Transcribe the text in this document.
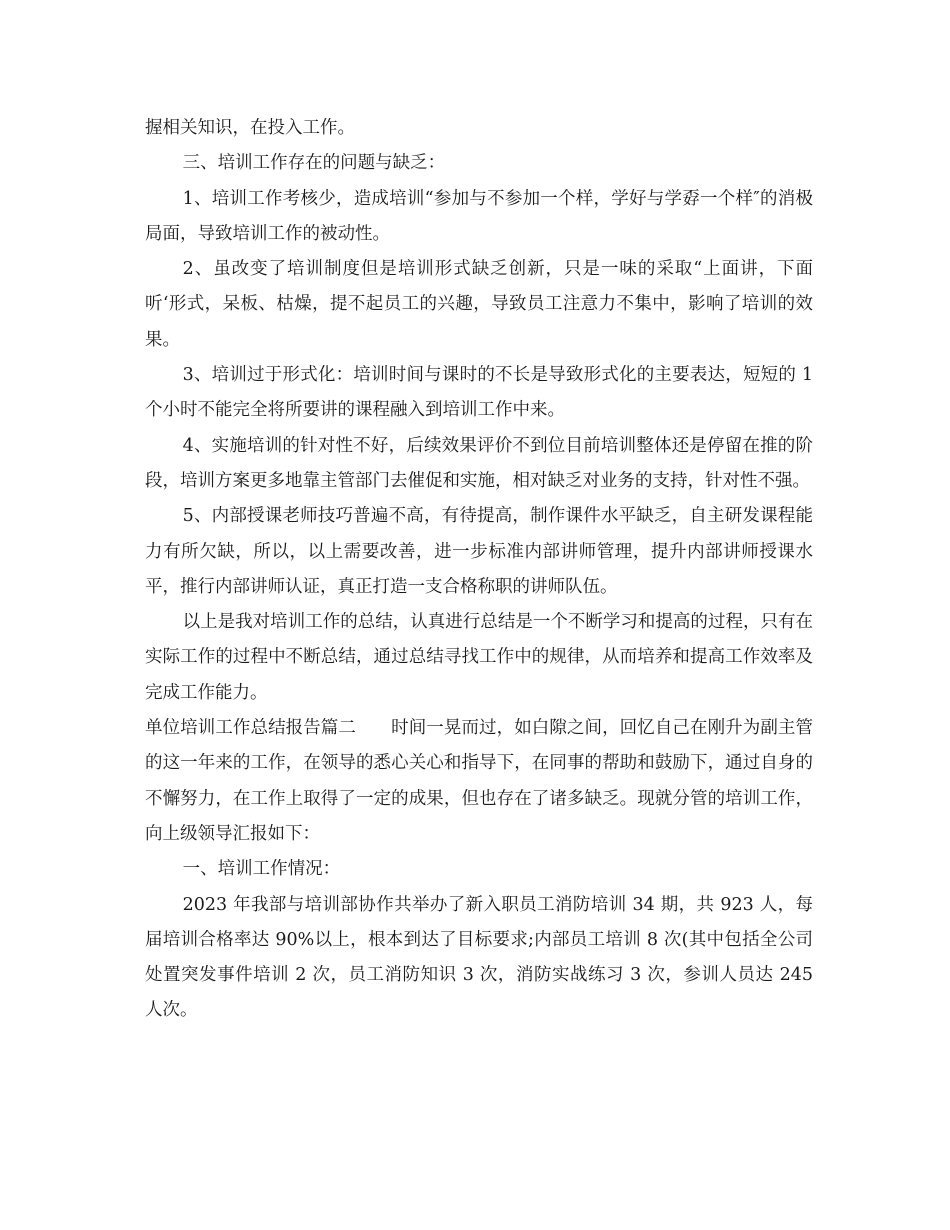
握相关知识，在投入工作。

三、培训工作存在的问题与缺乏：

1、培训工作考核少，造成培训“参加与不参加一个样，学好与学孬一个样″的消极局面，导致培训工作的被动性。

2、虽改变了培训制度但是培训形式缺乏创新，只是一味的采取“上面讲，下面听‘形式，呆板、枯燥，提不起员工的兴趣，导致员工注意力不集中，影响了培训的效果。

3、培训过于形式化：培训时间与课时的不长是导致形式化的主要表达，短短的 1 个小时不能完全将所要讲的课程融入到培训工作中来。

4、实施培训的针对性不好，后续效果评价不到位目前培训整体还是停留在推的阶段，培训方案更多地靠主管部门去催促和实施，相对缺乏对业务的支持，针对性不强。

5、内部授课老师技巧普遍不高，有待提高，制作课件水平缺乏，自主研发课程能力有所欠缺，所以，以上需要改善，进一步标准内部讲师管理，提升内部讲师授课水平，推行内部讲师认证，真正打造一支合格称职的讲师队伍。

以上是我对培训工作的总结，认真进行总结是一个不断学习和提高的过程，只有在实际工作的过程中不断总结，通过总结寻找工作中的规律，从而培养和提高工作效率及完成工作能力。

单位培训工作总结报告篇二　　时间一晃而过，如白隙之间，回忆自己在刚升为副主管的这一年来的工作，在领导的悉心关心和指导下，在同事的帮助和鼓励下，通过自身的不懈努力，在工作上取得了一定的成果，但也存在了诸多缺乏。现就分管的培训工作，向上级领导汇报如下：

一、培训工作情况：

2023 年我部与培训部协作共举办了新入职员工消防培训 34 期，共 923 人，每届培训合格率达 90%以上，根本到达了目标要求;内部员工培训 8 次(其中包括全公司处置突发事件培训 2 次，员工消防知识 3 次，消防实战练习 3 次，参训人员达 245 人次。
